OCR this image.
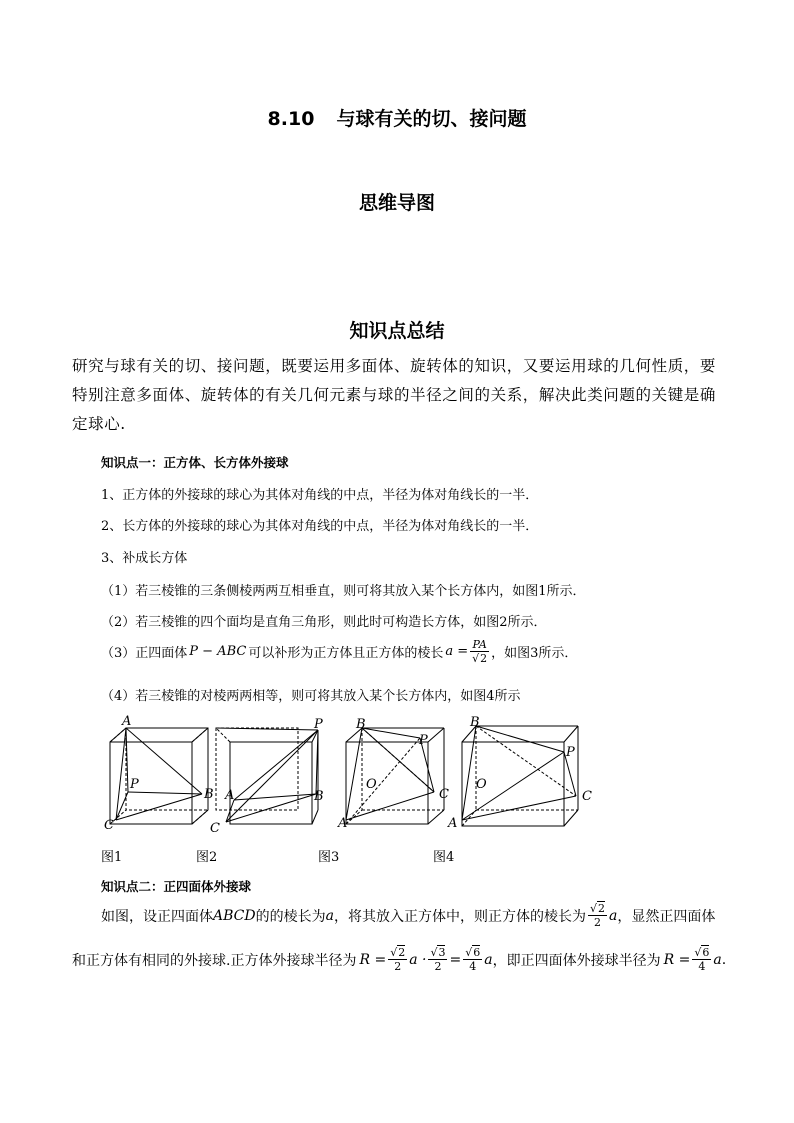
8.10 与球有关的切、接问题
思维导图
知识点总结
研究与球有关的切、接问题，既要运用多面体、旋转体的知识，又要运用球的几何性质，要特别注意多面体、旋转体的有关几何元素与球的半径之间的关系，解决此类问题的关键是确定球心.
知识点一：正方体、长方体外接球
1、正方体的外接球的球心为其体对角线的中点，半径为体对角线长的一半．
2、长方体的外接球的球心为其体对角线的中点，半径为体对角线长的一半．
3、补成长方体
（1）若三棱锥的三条侧棱两两互相垂直，则可将其放入某个长方体内，如图1所示．
（2）若三棱锥的四个面均是直角三角形，则此时可构造长方体，如图2所示．
（3）正四面体 P − ABC 可以补形为正方体且正方体的棱长 $a = \frac{PA}{√2}$ ，如图3所示．
（4）若三棱锥的对棱两两相等，则可将其放入某个长方体内，如图4所示
A
B
C
P
P
A	B
C
B
P
O
C
A
B
P
O
C
A
图1	图2	图3	图4
知识点二：正四面体外接球
如图，设正四面体 ABCD 的的棱长为 a ，将其放入正方体中，则正方体的棱长为 $\frac{√2}{2}$ a ，显然正四面体
和正方体有相同的外接球.正方体外接球半径为 $R = \frac{√2}{2}$ $a \cdot \frac{√3}{2} = \frac{√6}{4}$ a ，即正四面体外接球半径为 $R = \frac{√6}{4}$ a .
